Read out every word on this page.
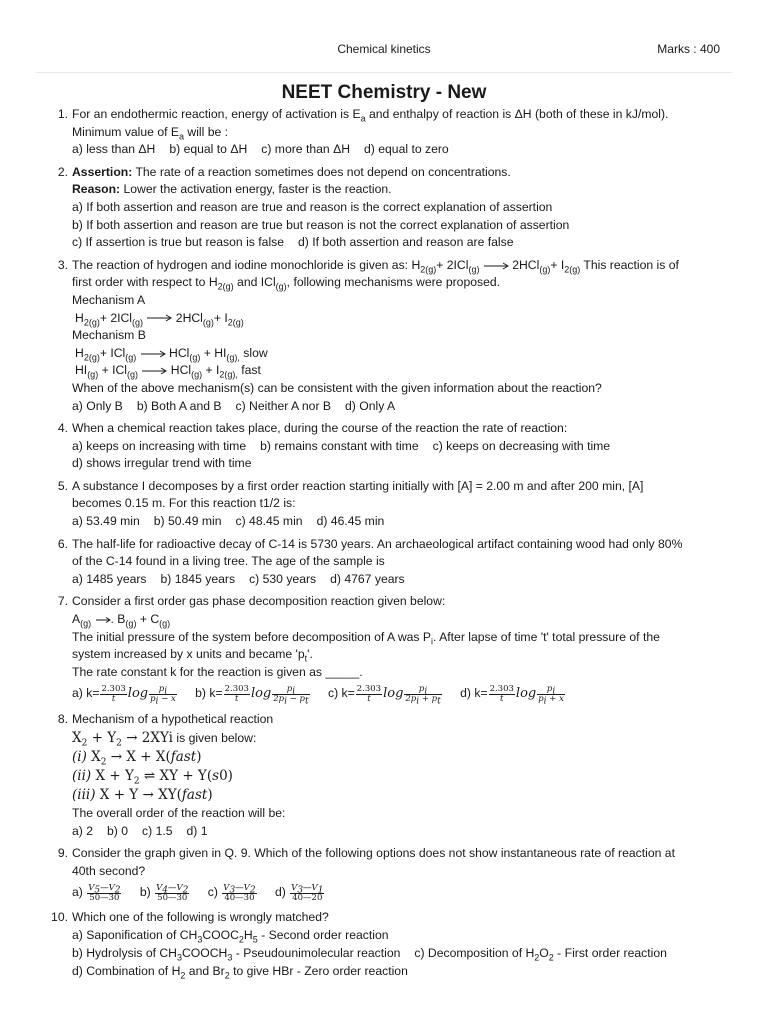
Chemical kinetics	Marks : 400
NEET Chemistry - New
1. For an endothermic reaction, energy of activation is $E_a$ and enthalpy of reaction is ΔH (both of these in kJ/mol).
Minimum value of $E_a$ will be :
a) less than ΔH b) equal to ΔH c) more than ΔH d) equal to zero
2. Assertion: The rate of a reaction sometimes does not depend on concentrations.
Reason: Lower the activation energy, faster is the reaction.
a) If both assertion and reason are true and reason is the correct explanation of assertion
b) If both assertion and reason are true but reason is not the correct explanation of assertion
c) If assertion is true but reason is false d) If both assertion and reason are false
3. The reaction of hydrogen and iodine monochloride is given as: $H_{2(g)}+ 2ICl_{(g)} \to 2HCl_{(g)}+ I_{2(g)}$ This reaction is of
first order with respect to $H_{2(g)}$ and ICl$_{(g)}$, following mechanisms were proposed.
Mechanism A
$H_{2(g)}+ 2ICl_{(g)} \to 2HCl_{(g)}+ I_{2(g)}$
Mechanism B
$H_{2(g)}+ ICl_{(g)} \to HCl_{(g)} + HI_{(g),}$ slow
$HI_{(g)} + ICl_{(g)} \to HCl_{(g)} + I_{2(g),}$ fast
When of the above mechanism(s) can be consistent with the given information about the reaction?
a) Only B b) Both A and B c) Neither A nor B d) Only A
4. When a chemical reaction takes place, during the course of the reaction the rate of reaction:
a) keeps on increasing with time b) remains constant with time c) keeps on decreasing with time
d) shows irregular trend with time
5. A substance I decomposes by a first order reaction starting initially with [A] = 2.00 m and after 200 min, [A]
becomes 0.15 m. For this reaction t1/2 is:
a) 53.49 min b) 50.49 min c) 48.45 min d) 46.45 min
6. The half-life for radioactive decay of C-14 is 5730 years. An archaeological artifact containing wood had only 80%
of the C-14 found in a living tree. The age of the sample is
a) 1485 years b) 1845 years c) 530 years d) 4767 years
7. Consider a first order gas phase decomposition reaction given below:
$A_{(g)}$ →. $B_{(g)} + C_{(g)}$
The initial pressure of the system before decomposition of A was $P_i$. After lapse of time 't' total pressure of the
system increased by x units and became '$p_t$'.
The rate constant k for the reaction is given as _____.
a) $k= \frac{2.303}{t}$ $\log \frac{p_i}{p_i - x} b$) $k= \frac{2.303}{t}$ $\log \frac{p_i}{2p_i - p_t} c$) $k= \frac{2.303}{t}$ $\log \frac{p_i}{2p_i + p_t} d$) $k= \frac{2.303}{t}$ $\log \frac{p_i}{p_i + x}$
8. Mechanism of a hypothetical reaction
$X_2 + Y_2 \to 2XYi$ is given below:
(i) $X_2 \to X$ + X(fast)
(ii) $X + Y_2$ ⇌ XY + Y(s0)
(iii) X + Y → XY(fast)
The overall order of the reaction will be:
a) 2 b) 0 c) 1.5 d) 1
9. Consider the graph given in Q. 9. Which of the following options does not show instantaneous rate of reaction at
40th second?
$a) \frac{V_5—V_2}{50—30} b) \frac{V_4—V_2}{50—30} c) \frac{V_3—V_2}{40—30} d) \frac{V_3—V_1}{40—20}$
10. Which one of the following is wrongly matched?
a) Saponification of $CH_3COOC_2H_5$ - Second order reaction
b) Hydrolysis of $CH_3COOCH_3$ - Pseudounimolecular reaction c) Decomposition of $H_2O_2$ - First order reaction
d) Combination of $H_2$ and $Br_2$ to give HBr - Zero order reaction
